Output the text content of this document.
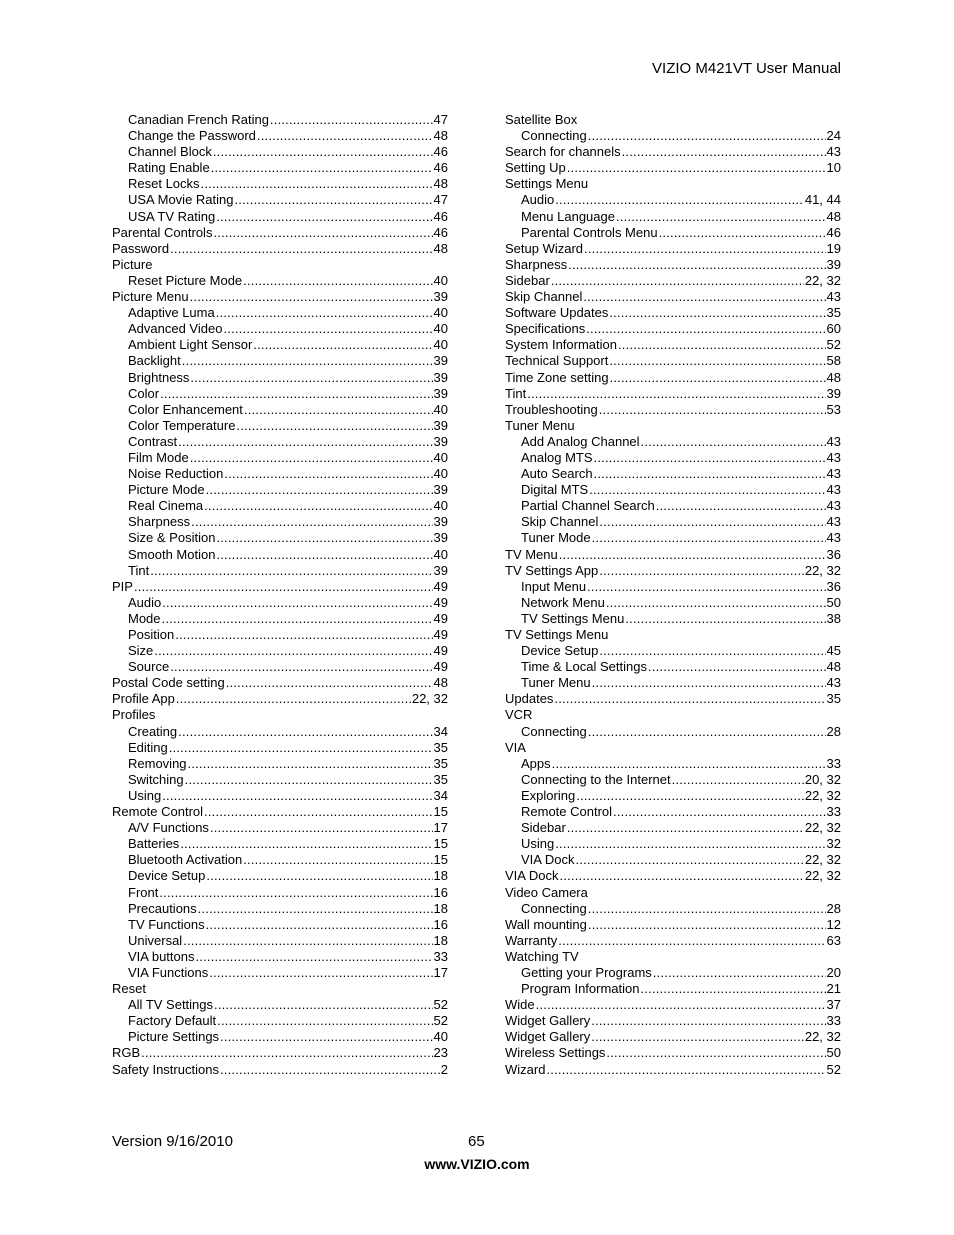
VIZIO M421VT User Manual
Canadian French Rating .....	47
Change the Password .....	48
Channel Block .....	46
Rating Enable .....	46
Reset Locks .....	48
USA Movie Rating .....	47
USA TV Rating .....	46
Parental Controls .....	46
Password .....	48
Picture
Reset Picture Mode .....	40
Picture Menu .....	39
Adaptive Luma .....	40
Advanced Video .....	40
Ambient Light Sensor .....	40
Backlight .....	39
Brightness .....	39
Color .....	39
Color Enhancement .....	40
Color Temperature .....	39
Contrast .....	39
Film Mode .....	40
Noise Reduction .....	40
Picture Mode .....	39
Real Cinema .....	40
Sharpness .....	39
Size & Position .....	39
Smooth Motion .....	40
Tint .....	39
PIP .....	49
Audio .....	49
Mode .....	49
Position .....	49
Size .....	49
Source .....	49
Postal Code setting .....	48
Profile App .....	22, 32
Profiles
Creating .....	34
Editing .....	35
Removing .....	35
Switching .....	35
Using .....	34
Remote Control .....	15
A/V Functions .....	17
Batteries .....	15
Bluetooth Activation .....	15
Device Setup .....	18
Front .....	16
Precautions .....	18
TV Functions .....	16
Universal .....	18
VIA buttons .....	33
VIA Functions .....	17
Reset
All TV Settings .....	52
Factory Default .....	52
Picture Settings .....	40
RGB .....	23
Safety Instructions .....	2
Satellite Box
Connecting .....	24
Search for channels .....	43
Setting Up .....	10
Settings Menu
Audio .....	41, 44
Menu Language .....	48
Parental Controls Menu .....	46
Setup Wizard .....	19
Sharpness .....	39
Sidebar .....	22, 32
Skip Channel .....	43
Software Updates .....	35
Specifications .....	60
System Information .....	52
Technical Support .....	58
Time Zone setting .....	48
Tint .....	39
Troubleshooting .....	53
Tuner Menu
Add Analog Channel .....	43
Analog MTS .....	43
Auto Search .....	43
Digital MTS .....	43
Partial Channel Search .....	43
Skip Channel .....	43
Tuner Mode .....	43
TV Menu .....	36
TV Settings App .....	22, 32
Input Menu .....	36
Network Menu .....	50
TV Settings Menu .....	38
TV Settings Menu
Device Setup .....	45
Time & Local Settings .....	48
Tuner Menu .....	43
Updates .....	35
VCR
Connecting .....	28
VIA
Apps .....	33
Connecting to the Internet .....	20, 32
Exploring .....	22, 32
Remote Control .....	33
Sidebar .....	22, 32
Using .....	32
VIA Dock .....	22, 32
VIA Dock .....	22, 32
Video Camera
Connecting .....	28
Wall mounting .....	12
Warranty .....	63
Watching TV
Getting your Programs .....	20
Program Information .....	21
Wide .....	37
Widget Gallery .....	33
Widget Gallery .....	22, 32
Wireless Settings .....	50
Wizard .....	52
Version 9/16/2010	65
www.VIZIO.com
